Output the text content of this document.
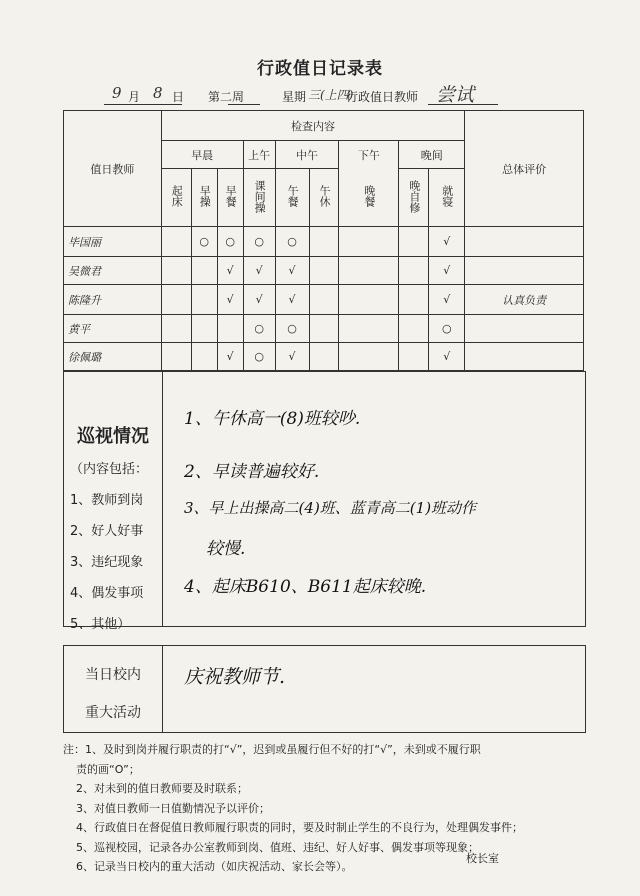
行政值日记录表
9 月 8 日 第二周	星期 三(上四)
行政值日教师 尝试
值日教师	检查内容									总体评价
	早晨			上午	中午		下午	晚间		
	起床	早操	早餐	课间操	午餐	午休	晚餐	晚自修	就寝	
毕国丽		○	○	○	○				√	
吴微君			√	√	√				√	
陈隆升			√	√	√				√	认真负责
黄平				○	○				○	
徐佩璐			√	○	√				√	
巡视情况
（内容包括：
1、教师到岗
2、好人好事
3、违纪现象
4、偶发事项
5、其他）
1、午休高一(8)班较吵.
2、早读普遍较好.
3、早上出操高二(4)班、蓝青高二(1)班动作
较慢.
4、起床B610、B611起床较晚.
当日校内
重大活动
庆祝教师节.
注：1、及时到岗并履行职责的打“√”，迟到或虽履行但不好的打“√”，未到或不履行职
责的画“O”；
2、对未到的值日教师要及时联系；
3、对值日教师一日值勤情况予以评价；
4、行政值日在督促值日教师履行职责的同时，要及时制止学生的不良行为，处理偶发事件；
5、巡视校园，记录各办公室教师到岗、值班、违纪、好人好事、偶发事项等现象；
6、记录当日校内的重大活动（如庆祝活动、家长会等）。
校长室
